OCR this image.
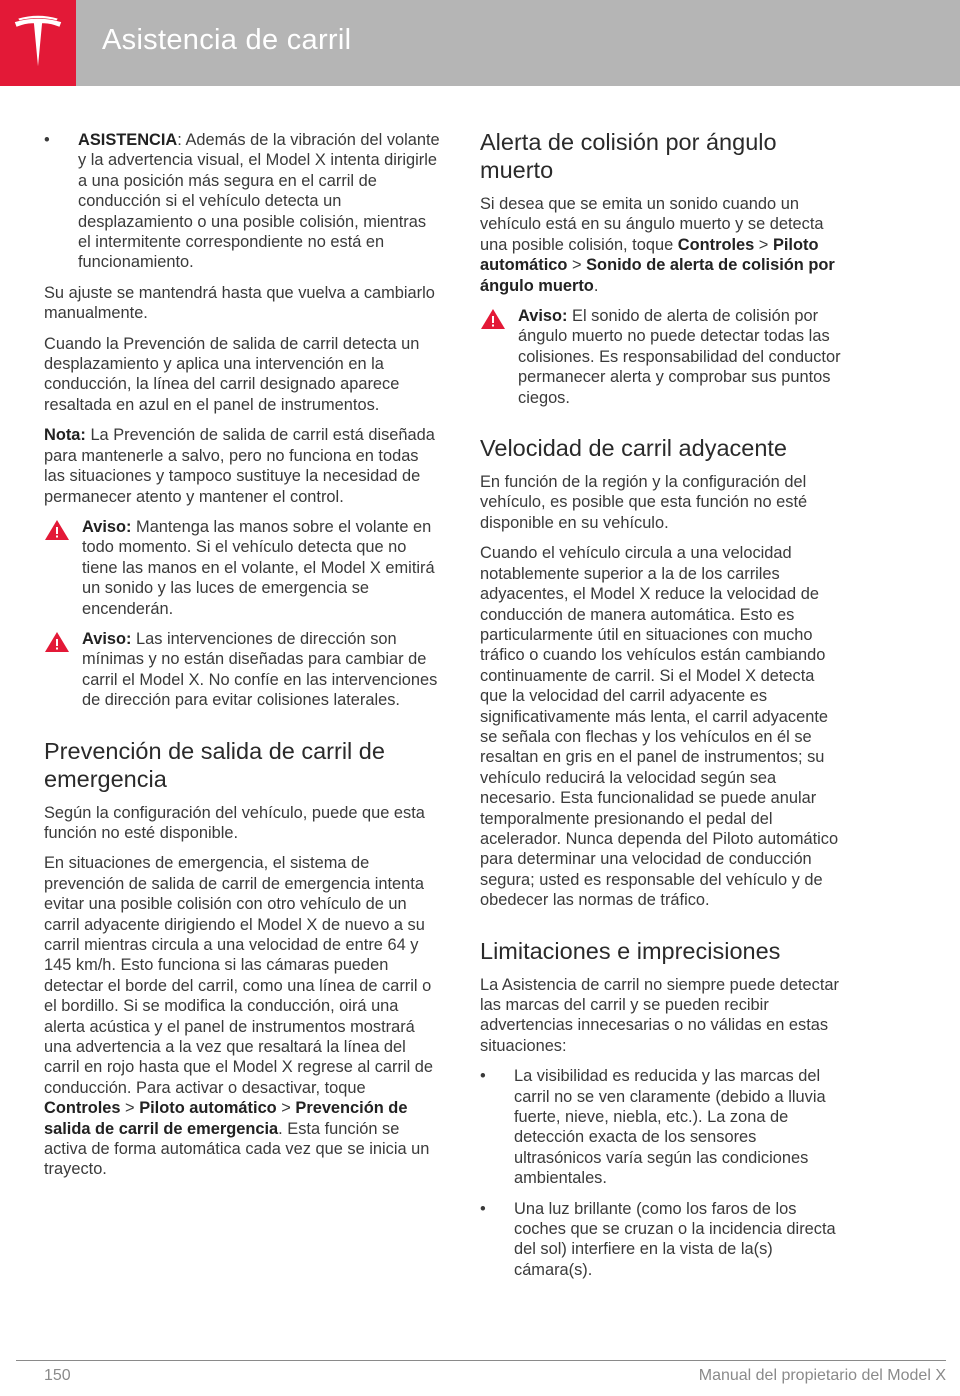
Asistencia de carril
• ASISTENCIA: Además de la vibración del volante y la advertencia visual, el Model X intenta dirigirle a una posición más segura en el carril de conducción si el vehículo detecta un desplazamiento o una posible colisión, mientras el intermitente correspondiente no está en funcionamiento.

Su ajuste se mantendrá hasta que vuelva a cambiarlo manualmente.

Cuando la Prevención de salida de carril detecta un desplazamiento y aplica una intervención en la conducción, la línea del carril designado aparece resaltada en azul en el panel de instrumentos.

Nota: La Prevención de salida de carril está diseñada para mantenerle a salvo, pero no funciona en todas las situaciones y tampoco sustituye la necesidad de permanecer atento y mantener el control.

Aviso: Mantenga las manos sobre el volante en todo momento. Si el vehículo detecta que no tiene las manos en el volante, el Model X emitirá un sonido y las luces de emergencia se encenderán.
Aviso: Las intervenciones de dirección son mínimas y no están diseñadas para cambiar de carril el Model X. No confíe en las intervenciones de dirección para evitar colisiones laterales.
Prevención de salida de carril de emergencia

Según la configuración del vehículo, puede que esta función no esté disponible.

En situaciones de emergencia, el sistema de prevención de salida de carril de emergencia intenta evitar una posible colisión con otro vehículo de un carril adyacente dirigiendo el Model X de nuevo a su carril mientras circula a una velocidad de entre 64 y 145 km/h. Esto funciona si las cámaras pueden detectar el borde del carril, como una línea de carril o el bordillo. Si se modifica la conducción, oirá una alerta acústica y el panel de instrumentos mostrará una advertencia a la vez que resaltará la línea del carril en rojo hasta que el Model X regrese al carril de conducción. Para activar o desactivar, toque Controles > Piloto automático > Prevención de salida de carril de emergencia. Esta función se activa de forma automática cada vez que se inicia un trayecto.

Alerta de colisión por ángulo muerto

Si desea que se emita un sonido cuando un vehículo está en su ángulo muerto y se detecta una posible colisión, toque Controles > Piloto automático > Sonido de alerta de colisión por ángulo muerto.

Aviso: El sonido de alerta de colisión por ángulo muerto no puede detectar todas las colisiones. Es responsabilidad del conductor permanecer alerta y comprobar sus puntos ciegos.
Velocidad de carril adyacente

En función de la región y la configuración del vehículo, es posible que esta función no esté disponible en su vehículo.

Cuando el vehículo circula a una velocidad notablemente superior a la de los carriles adyacentes, el Model X reduce la velocidad de conducción de manera automática. Esto es particularmente útil en situaciones con mucho tráfico o cuando los vehículos están cambiando continuamente de carril. Si el Model X detecta que la velocidad del carril adyacente es significativamente más lenta, el carril adyacente se señala con flechas y los vehículos en él se resaltan en gris en el panel de instrumentos; su vehículo reducirá la velocidad según sea necesario. Esta funcionalidad se puede anular temporalmente presionando el pedal del acelerador. Nunca dependa del Piloto automático para determinar una velocidad de conducción segura; usted es responsable del vehículo y de obedecer las normas de tráfico.

Limitaciones e imprecisiones

La Asistencia de carril no siempre puede detectar las marcas del carril y se pueden recibir advertencias innecesarias o no válidas en estas situaciones:

• La visibilidad es reducida y las marcas del carril no se ven claramente (debido a lluvia fuerte, nieve, niebla, etc.). La zona de detección exacta de los sensores ultrasónicos varía según las condiciones ambientales.
• Una luz brillante (como los faros de los coches que se cruzan o la incidencia directa del sol) interfiere en la vista de la(s) cámara(s).
150	Manual del propietario del Model X
